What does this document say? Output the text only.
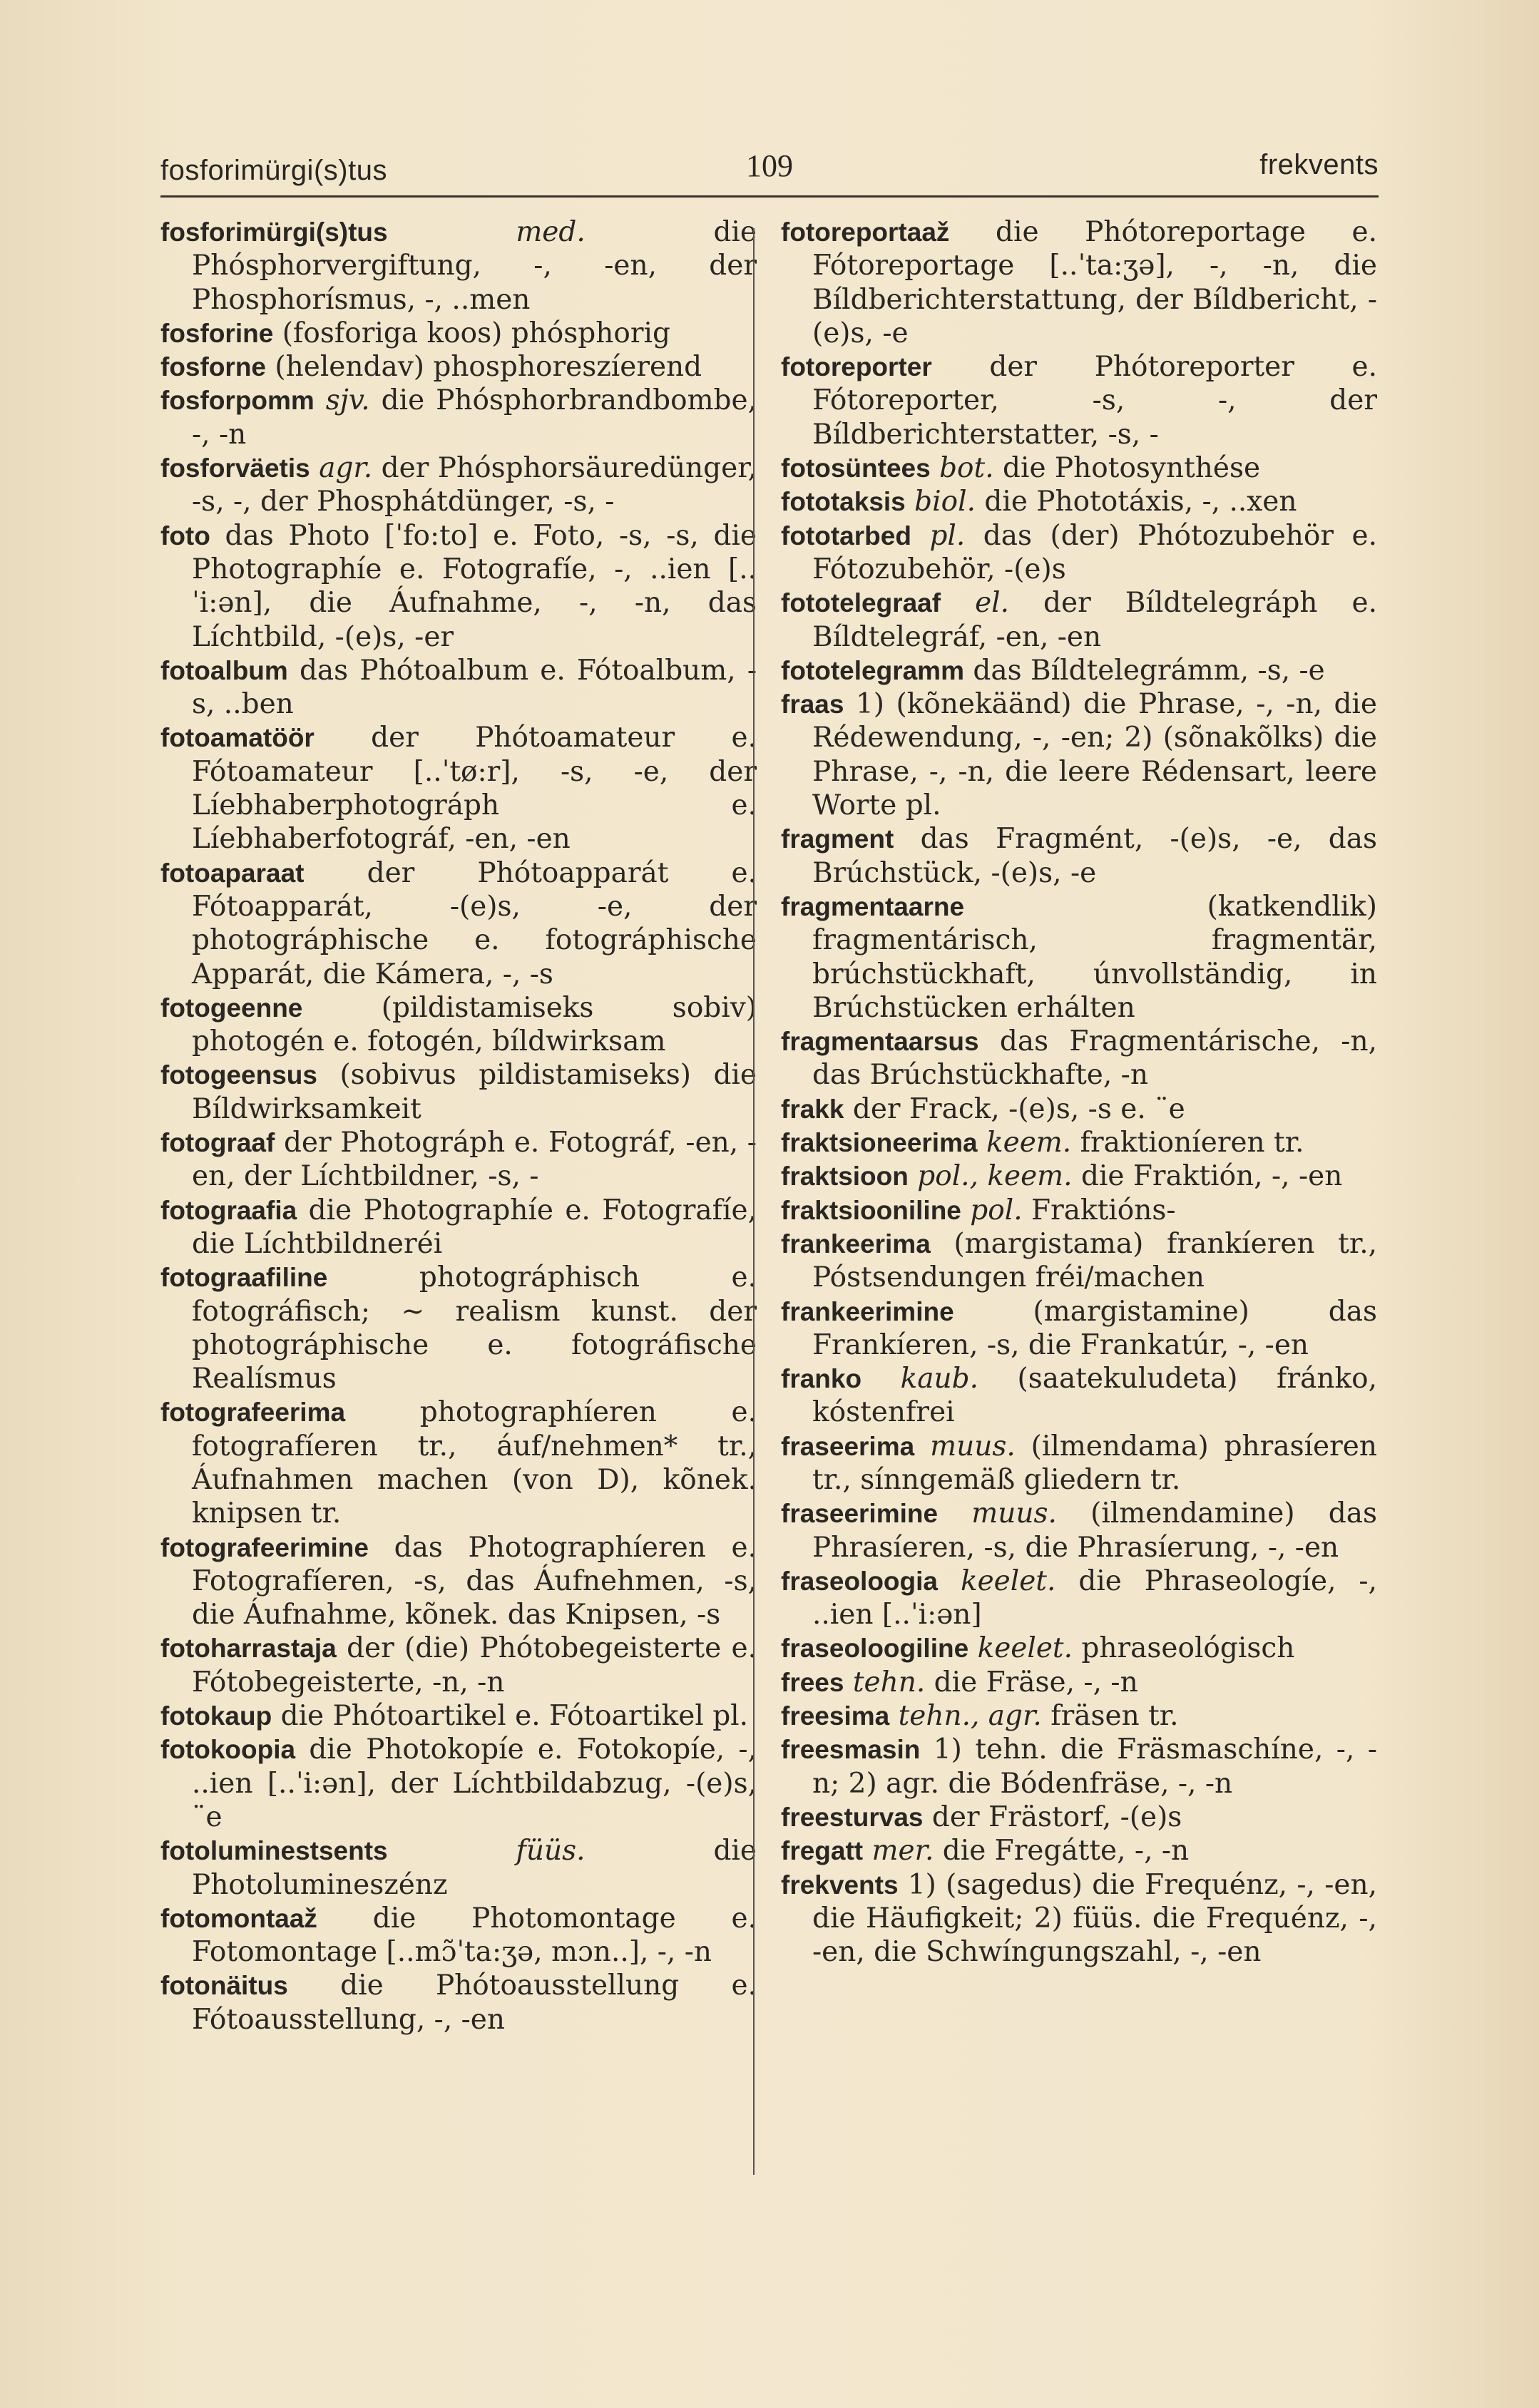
fosforimürgi(s)tus	109	frekvents

fosforimürgi(s)tus	med.	die Phósphorvergiftung, -, -en, der Phosphorísmus, -, ..men

fosforine (fosforiga koos) phósphorig

fosforne (helendav) phosphoreszíerend

fosforpomm sjv. die Phósphorbrandbombe, -, -n

fosforväetis agr. der Phósphorsäuredünger, -s, -, der Phosphátdünger, -s, -

foto das Photo [ˈfo:to] e. Foto, -s, -s, die Photographíe e. Fotografíe, -, ..ien [..ˈi:ən], die Áufnahme, -, -n, das Líchtbild, -(e)s, -er

fotoalbum das Phótoalbum e. Fótoalbum, -s, ..ben

fotoamatöör der Phótoamateur e. Fótoamateur [..ˈtø:r], -s, -e, der Líebhaberphotográph e. Líebhaberfotográf, -en, -en

fotoaparaat der Phótoapparát e. Fótoapparát, -(e)s, -e, der photográphische e. fotográphische Apparát, die Kámera, -, -s

fotogeenne	(pildistamiseks sobiv) photogén e. fotogén, bíldwirksam

fotogeensus (sobivus pildistamiseks) die Bíldwirksamkeit

fotograaf der Photográph e. Fotográf, -en, -en, der Líchtbildner, -s, -

fotograafia die Photographíe e. Fotografíe, die Líchtbildneréi

fotograafiline	photográphisch e. fotográfisch; ~ realism kunst. der photográphische e. fotográfische Realísmus

fotografeerima	photographíeren e. fotografíeren tr., áuf/nehmen* tr., Áufnahmen machen (von D), kõnek. knipsen tr.

fotografeerimine das Photographíeren e. Fotografíeren, -s, das Áufnehmen, -s, die Áufnahme, kõnek. das Knipsen, -s

fotoharrastaja der (die) Phótobegeisterte e. Fótobegeisterte, -n, -n

fotokaup die Phótoartikel e. Fótoartikel pl.

fotokoopia die Photokopíe e. Fotokopíe, -, ..ien [..ˈi:ən], der Líchtbildabzug, -(e)s, ¨e

fotoluminestsents	füüs.	die Photolumineszénz

fotomontaaž die Photomontage e. Fotomontage [..mɔ̃ˈta:ʒə, mɔn..], -, -n

fotonäitus die Phótoausstellung e. Fótoausstellung, -, -en

fotoreportaaž die Phótoreportage e. Fótoreportage [..ˈta:ʒə], -, -n, die Bíldberichterstattung, der Bíldbericht, -(e)s, -e

fotoreporter der Phótoreporter e. Fótoreporter, -s, -, der Bíldberichterstatter, -s, -

fotosüntees bot. die Photosynthése

fototaksis biol. die Phototáxis, -, ..xen

fototarbed pl. das (der) Phótozubehör e. Fótozubehör, -(e)s

fototelegraaf el. der Bíldtelegráph e. Bíldtelegráf, -en, -en

fototelegramm das Bíldtelegrámm, -s, -e

fraas 1) (kõnekäänd) die Phrase, -, -n, die Rédewendung, -, -en; 2) (sõnakõlks) die Phrase, -, -n, die leere Rédensart, leere Worte pl.

fragment das Fragmént, -(e)s, -e, das Brúchstück, -(e)s, -e

fragmentaarne	(katkendlik) fragmentárisch, fragmentär, brúchstückhaft, únvollständig, in Brúchstücken erhálten

fragmentaarsus das Fragmentárische, -n, das Brúchstückhafte, -n

frakk der Frack, -(e)s, -s e. ¨e

fraktsioneerima keem. fraktioníeren tr.

fraktsioon pol., keem. die Fraktión, -, -en

fraktsiooniline pol. Fraktións-

frankeerima (margistama) frankíeren tr., Póstsendungen fréi/machen

frankeerimine	(margistamine) das Frankíeren, -s, die Frankatúr, -, -en

franko kaub. (saatekuludeta) fránko, kóstenfrei

fraseerima muus. (ilmendama) phrasíeren tr., sínngemäß gliedern tr.

fraseerimine muus. (ilmendamine) das Phrasíeren, -s, die Phrasíerung, -, -en

fraseoloogia keelet. die Phraseologíe, -, ..ien [..ˈi:ən]

fraseoloogiline keelet. phraseológisch

frees tehn. die Fräse, -, -n

freesima tehn., agr. fräsen tr.

freesmasin 1) tehn. die Fräsmaschíne, -, -n; 2) agr. die Bódenfräse, -, -n

freesturvas der Frästorf, -(e)s

fregatt mer. die Fregátte, -, -n

frekvents 1) (sagedus) die Frequénz, -, -en, die Häufigkeit; 2) füüs. die Frequénz, -, -en, die Schwíngungszahl, -, -en
